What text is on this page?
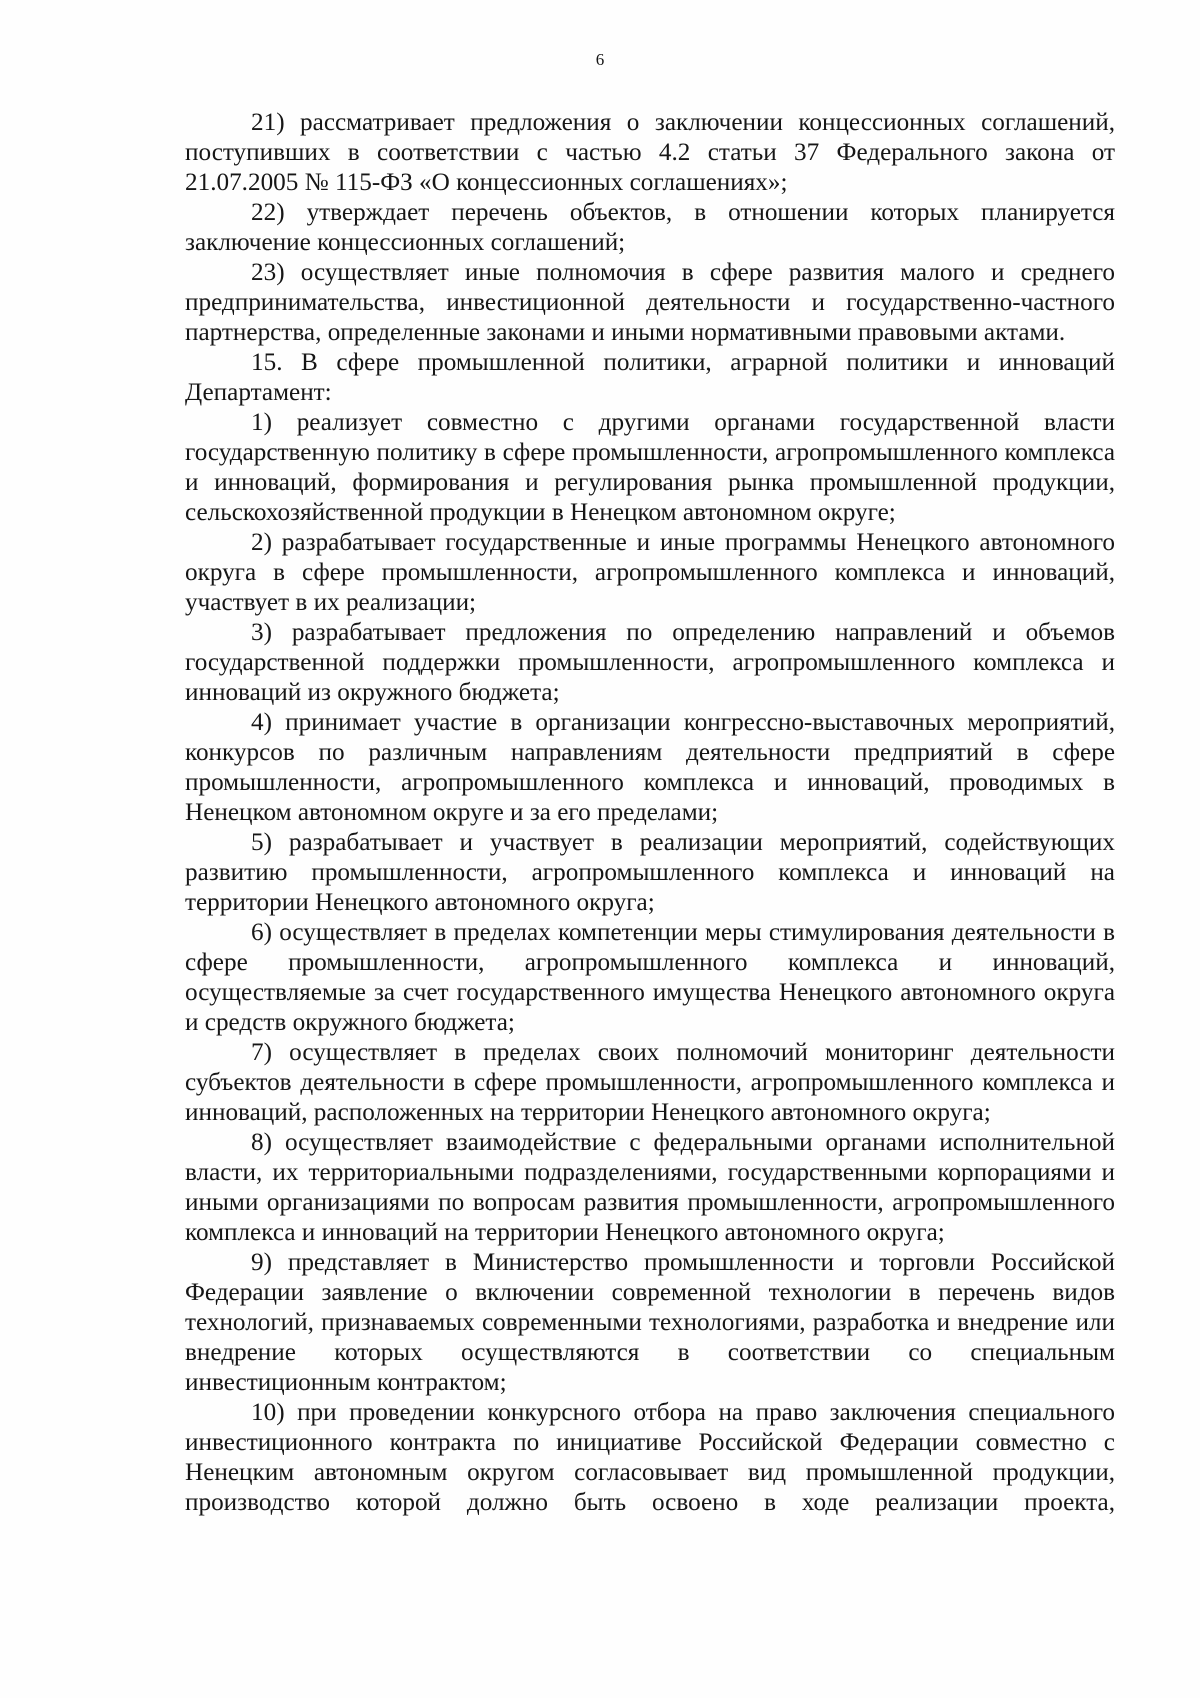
6

21) рассматривает предложения о заключении концессионных соглашений, поступивших в соответствии с частью 4.2 статьи 37 Федерального закона от 21.07.2005 № 115-ФЗ «О концессионных соглашениях»;

22) утверждает перечень объектов, в отношении которых планируется заключение концессионных соглашений;

23) осуществляет иные полномочия в сфере развития малого и среднего предпринимательства, инвестиционной деятельности и государственно-частного партнерства, определенные законами и иными нормативными правовыми актами.

15. В сфере промышленной политики, аграрной политики и инноваций Департамент:

1) реализует совместно с другими органами государственной власти государственную политику в сфере промышленности, агропромышленного комплекса и инноваций, формирования и регулирования рынка промышленной продукции, сельскохозяйственной продукции в Ненецком автономном округе;

2) разрабатывает государственные и иные программы Ненецкого автономного округа в сфере промышленности, агропромышленного комплекса и инноваций, участвует в их реализации;

3) разрабатывает предложения по определению направлений и объемов государственной поддержки промышленности, агропромышленного комплекса и инноваций из окружного бюджета;

4) принимает участие в организации конгрессно-выставочных мероприятий, конкурсов по различным направлениям деятельности предприятий в сфере промышленности, агропромышленного комплекса и инноваций, проводимых в Ненецком автономном округе и за его пределами;

5) разрабатывает и участвует в реализации мероприятий, содействующих развитию промышленности, агропромышленного комплекса и инноваций на территории Ненецкого автономного округа;

6) осуществляет в пределах компетенции меры стимулирования деятельности в сфере промышленности, агропромышленного комплекса и инноваций, осуществляемые за счет государственного имущества Ненецкого автономного округа и средств окружного бюджета;

7) осуществляет в пределах своих полномочий мониторинг деятельности субъектов деятельности в сфере промышленности, агропромышленного комплекса и инноваций, расположенных на территории Ненецкого автономного округа;

8) осуществляет взаимодействие с федеральными органами исполнительной власти, их территориальными подразделениями, государственными корпорациями и иными организациями по вопросам развития промышленности, агропромышленного комплекса и инноваций на территории Ненецкого автономного округа;

9) представляет в Министерство промышленности и торговли Российской Федерации заявление о включении современной технологии в перечень видов технологий, признаваемых современными технологиями, разработка и внедрение или внедрение которых осуществляются в соответствии со специальным инвестиционным контрактом;

10) при проведении конкурсного отбора на право заключения специального инвестиционного контракта по инициативе Российской Федерации совместно с Ненецким автономным округом согласовывает вид промышленной продукции, производство которой должно быть освоено в ходе реализации проекта,
